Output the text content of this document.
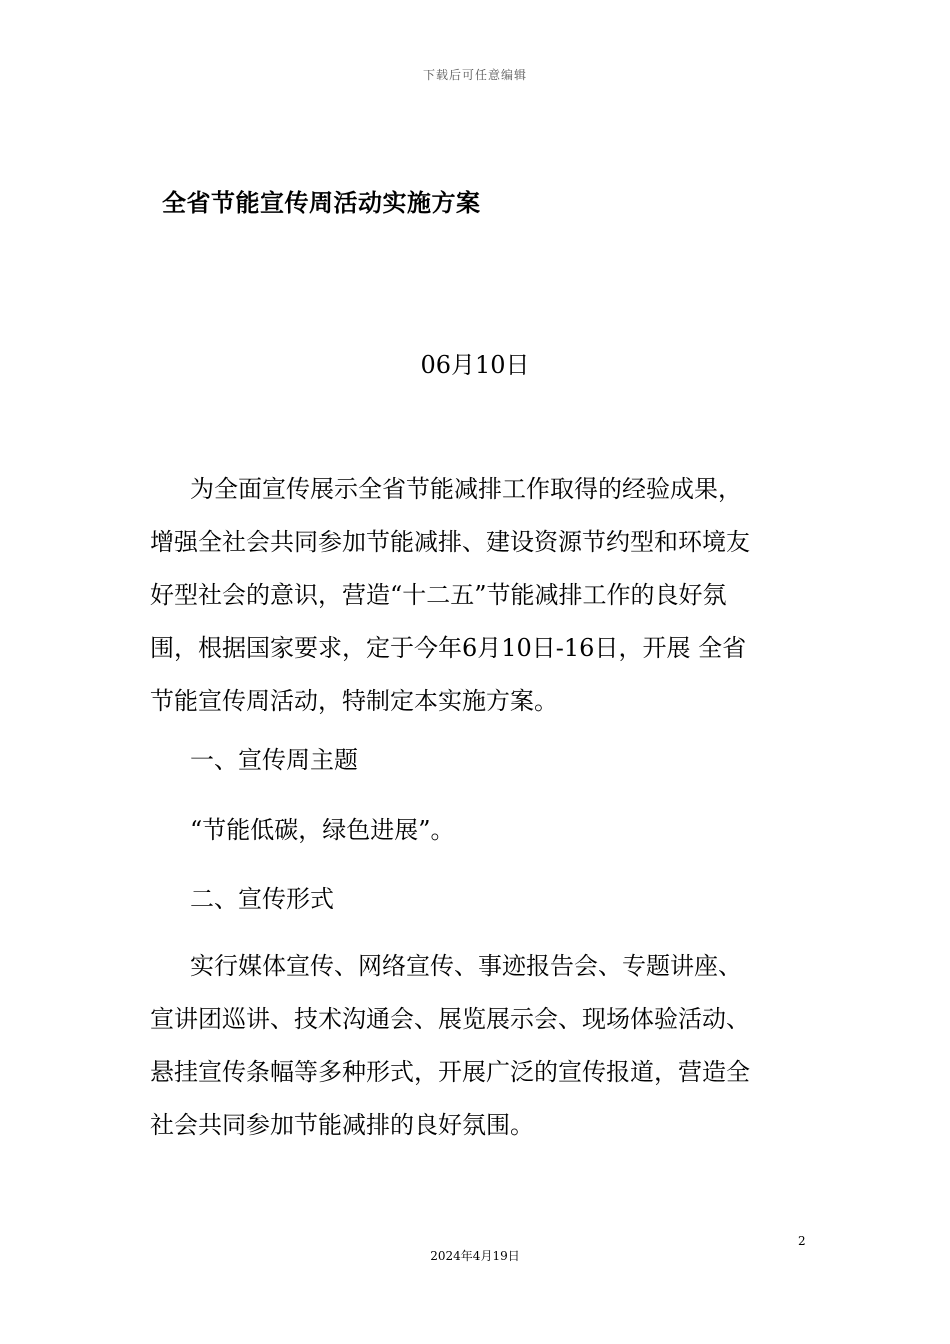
下载后可任意编辑
全省节能宣传周活动实施方案
06月10日
为全面宣传展示全省节能减排工作取得的经验成果，
增强全社会共同参加节能减排、建设资源节约型和环境友
好型社会的意识，营造“十二五”节能减排工作的良好氛
围，根据国家要求，定于今年6月10日-16日，开展 全省
节能宣传周活动，特制定本实施方案。
一、宣传周主题
“节能低碳，绿色进展”。
二、宣传形式
实行媒体宣传、网络宣传、事迹报告会、专题讲座、
宣讲团巡讲、技术沟通会、展览展示会、现场体验活动、
悬挂宣传条幅等多种形式，开展广泛的宣传报道，营造全
社会共同参加节能减排的良好氛围。
2
2024年4月19日
